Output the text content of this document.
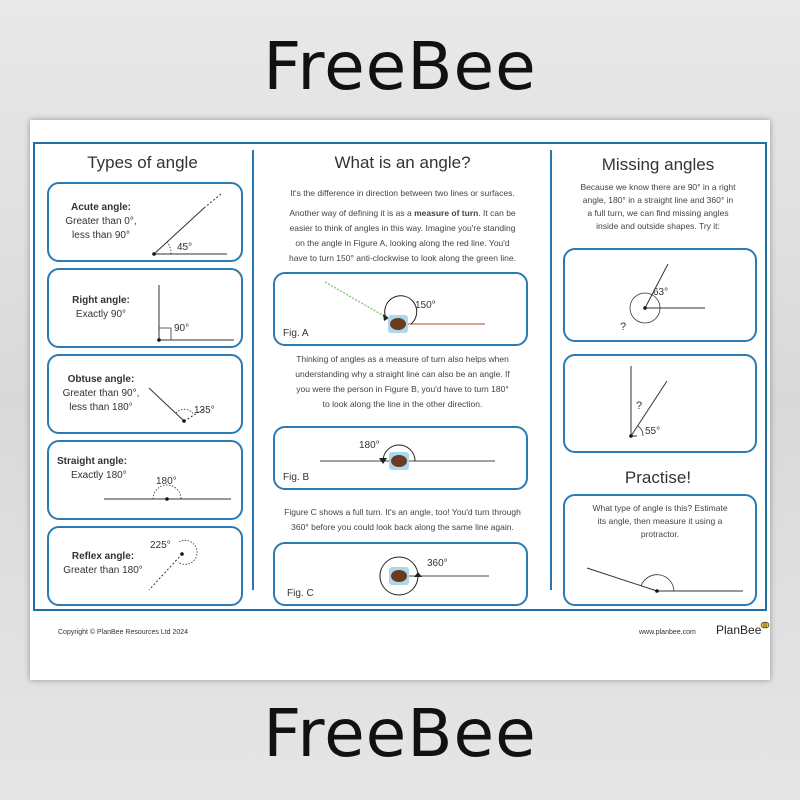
FreeBee
Types of angle
Acute angle:
Greater than 0°,
less than 90°
45°
Right angle:
Exactly 90°
90°
Obtuse angle:
Greater than 90°,
less than 180°	135°
Straight angle:
Exactly 180°
180°
Reflex angle:
Greater than 180°
225°
What is an angle?
It's the difference in direction between two lines or surfaces.
Another way of defining it is as a measure of turn. It can be
easier to think of angles in this way. Imagine you're standing
on the angle in Figure A, looking along the red line. You'd
have to turn 150° anti-clockwise to look along the green line.
150°
Fig. A
Thinking of angles as a measure of turn also helps when
understanding why a straight line can also be an angle. If
you were the person in Figure B, you'd have to turn 180°
to look along the line in the other direction.
180°
Fig. B
Figure C shows a full turn. It's an angle, too! You'd turn through
360° before you could look back along the same line again.
360°
Fig. C
Missing angles
Because we know there are 90° in a right
angle, 180° in a straight line and 360° in
a full turn, we can find missing angles
inside and outside shapes. Try it:
63°
?
?
55°
Practise!
What type of angle is this? Estimate
its angle, then measure it using a
protractor.
Copyright © PlanBee Resources Ltd 2024	www.planbee.com PlanBee
FreeBee
